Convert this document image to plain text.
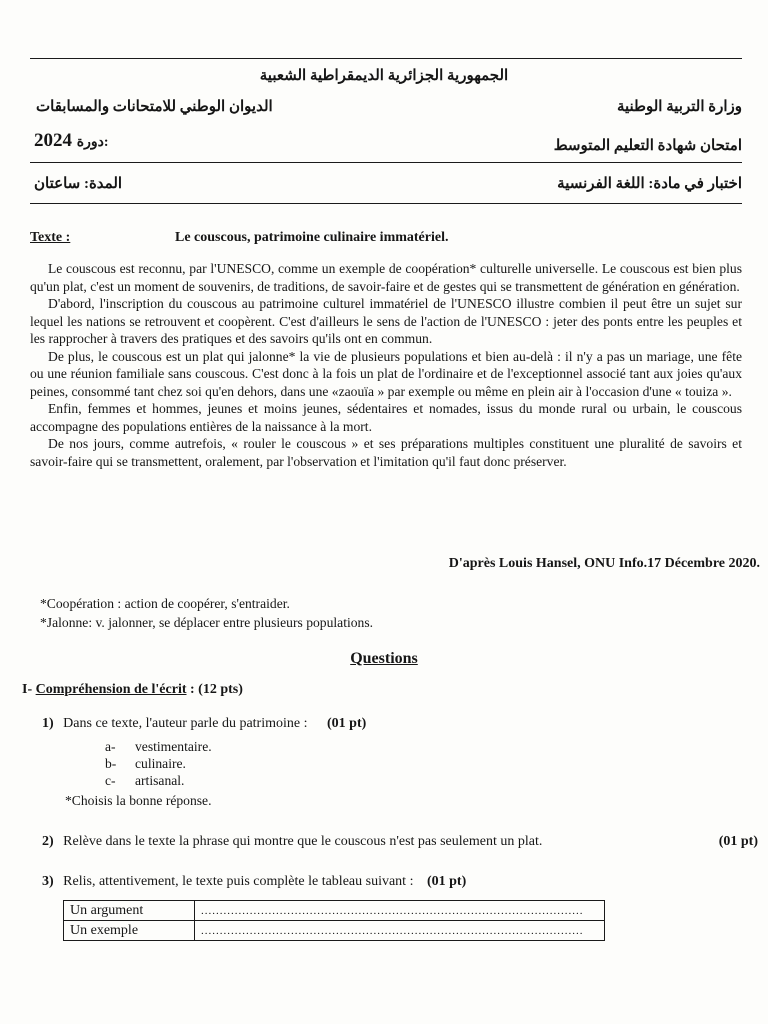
الجمهورية الجزائرية الديمقراطية الشعبية
وزارة التربية الوطنية
الديوان الوطني للامتحانات والمسابقات
امتحان شهادة التعليم المتوسط
2024 دورة:
اختبار في مادة: اللغة الفرنسية
المدة: ساعتان
Texte :	Le couscous, patrimoine culinaire immatériel.

Le couscous est reconnu, par l'UNESCO, comme un exemple de coopération* culturelle universelle. Le couscous est bien plus qu'un plat, c'est un moment de souvenirs, de traditions, de savoir-faire et de gestes qui se transmettent de génération en génération.

D'abord, l'inscription du couscous au patrimoine culturel immatériel de l'UNESCO illustre combien il peut être un sujet sur lequel les nations se retrouvent et coopèrent. C'est d'ailleurs le sens de l'action de l'UNESCO : jeter des ponts entre les peuples et les rapprocher à travers des pratiques et des savoirs qu'ils ont en commun.

De plus, le couscous est un plat qui jalonne* la vie de plusieurs populations et bien au-delà : il n'y a pas un mariage, une fête ou une réunion familiale sans couscous. C'est donc à la fois un plat de l'ordinaire et de l'exceptionnel associé tant aux joies qu'aux peines, consommé tant chez soi qu'en dehors, dans une «zaouïa » par exemple ou même en plein air à l'occasion d'une « touiza ».

Enfin, femmes et hommes, jeunes et moins jeunes, sédentaires et nomades, issus du monde rural ou urbain, le couscous accompagne des populations entières de la naissance à la mort.

De nos jours, comme autrefois, « rouler le couscous » et ses préparations multiples constituent une pluralité de savoirs et savoir-faire qui se transmettent, oralement, par l'observation et l'imitation qu'il faut donc préserver.

D'après Louis Hansel, ONU Info.17 Décembre 2020.
*Coopération : action de coopérer, s'entraider.
*Jalonne: v. jalonner, se déplacer entre plusieurs populations.
Questions
I- Compréhension de l'écrit : (12 pts)
1) Dans ce texte, l'auteur parle du patrimoine : (01 pt)
a- vestimentaire.
b- culinaire.
c- artisanal.
*Choisis la bonne réponse.
2) Relève dans le texte la phrase qui montre que le couscous n'est pas seulement un plat.	(01 pt)
3) Relis, attentivement, le texte puis complète le tableau suivant : (01 pt)
Un argument	......................................................................................................
Un exemple	......................................................................................................
